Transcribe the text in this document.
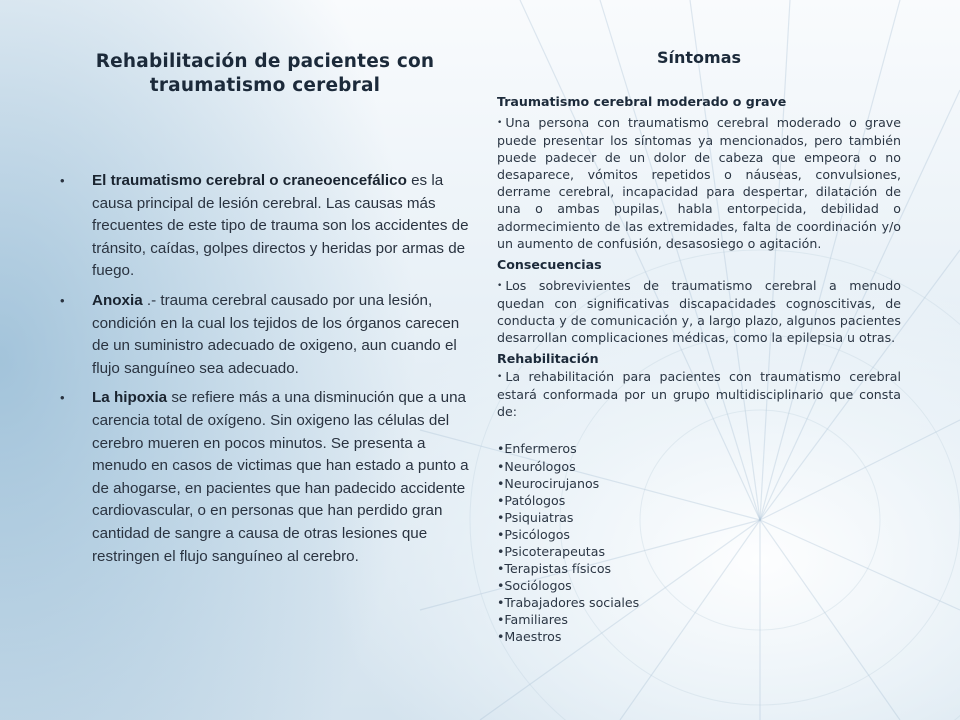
Rehabilitación de pacientes con traumatismo cerebral
• El traumatismo cerebral o craneoencefálico es la causa principal de lesión cerebral. Las causas más frecuentes de este tipo de trauma son los accidentes de tránsito, caídas, golpes directos y heridas por armas de fuego.
• Anoxia .- trauma cerebral causado por una lesión, condición en la cual los tejidos de los órganos carecen de un suministro adecuado de oxigeno, aun cuando el flujo sanguíneo sea adecuado.
• La hipoxia se refiere más a una disminución que a una carencia total de oxígeno. Sin oxigeno las células del cerebro mueren en pocos minutos. Se presenta a menudo en casos de victimas que han estado a punto a de ahogarse, en pacientes que han padecido accidente cardiovascular, o en personas que han perdido gran cantidad de sangre a causa de otras lesiones que restringen el flujo sanguíneo al cerebro.
Síntomas
Traumatismo cerebral moderado o grave

• Una persona con traumatismo cerebral moderado o grave puede presentar los síntomas ya mencionados, pero también puede padecer de un dolor de cabeza que empeora o no desaparece, vómitos repetidos o náuseas, convulsiones, derrame cerebral, incapacidad para despertar, dilatación de una o ambas pupilas, habla entorpecida, debilidad o adormecimiento de las extremidades, falta de coordinación y/o un aumento de confusión, desasosiego o agitación.

Consecuencias

• Los sobrevivientes de traumatismo cerebral a menudo quedan con significativas discapacidades cognoscitivas, de conducta y de comunicación y, a largo plazo, algunos pacientes desarrollan complicaciones médicas, como la epilepsia u otras.

Rehabilitación

• La rehabilitación para pacientes con traumatismo cerebral estará conformada por un grupo multidisciplinario que consta de:

•Enfermeros
•Neurólogos
•Neurocirujanos
•Patólogos
•Psiquiatras
•Psicólogos
•Psicoterapeutas
•Terapistas físicos
•Sociólogos
•Trabajadores sociales
•Familiares
•Maestros
